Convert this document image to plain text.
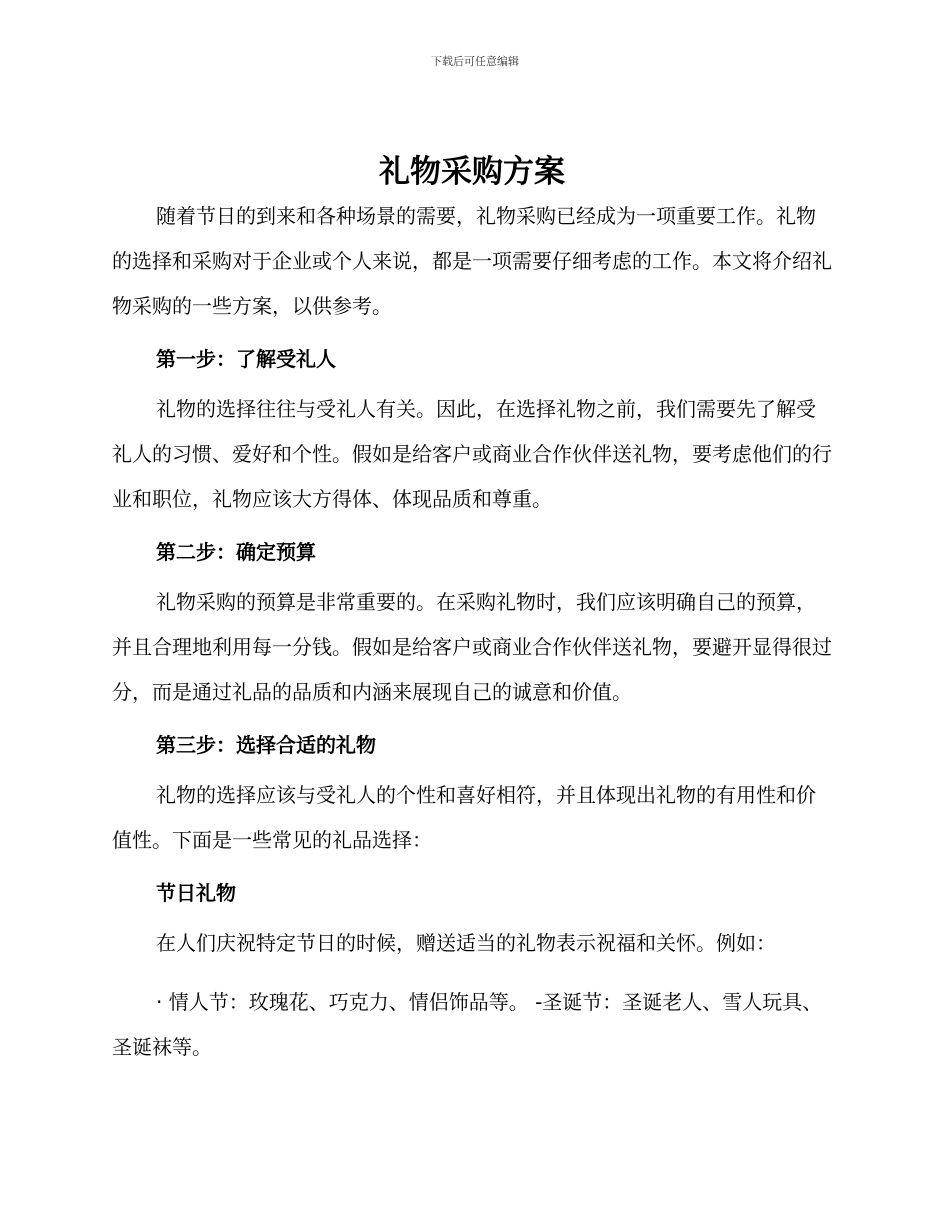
下载后可任意编辑
礼物采购方案

随着节日的到来和各种场景的需要，礼物采购已经成为一项重要工作。礼物的选择和采购对于企业或个人来说，都是一项需要仔细考虑的工作。本文将介绍礼物采购的一些方案，以供参考。

第一步：了解受礼人

礼物的选择往往与受礼人有关。因此，在选择礼物之前，我们需要先了解受礼人的习惯、爱好和个性。假如是给客户或商业合作伙伴送礼物，要考虑他们的行业和职位，礼物应该大方得体、体现品质和尊重。

第二步：确定预算

礼物采购的预算是非常重要的。在采购礼物时，我们应该明确自己的预算，并且合理地利用每一分钱。假如是给客户或商业合作伙伴送礼物，要避开显得很过分，而是通过礼品的品质和内涵来展现自己的诚意和价值。

第三步：选择合适的礼物

礼物的选择应该与受礼人的个性和喜好相符，并且体现出礼物的有用性和价值性。下面是一些常见的礼品选择：

节日礼物

在人们庆祝特定节日的时候，赠送适当的礼物表示祝福和关怀。例如：

· 情人节：玫瑰花、巧克力、情侣饰品等。 -圣诞节：圣诞老人、雪人玩具、圣诞袜等。
